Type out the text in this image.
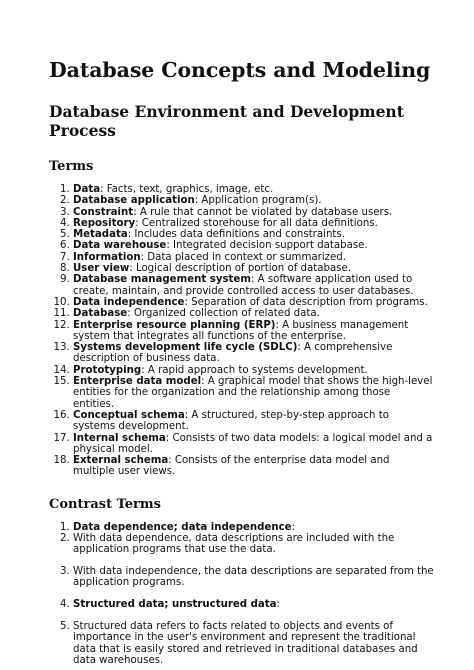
Database Concepts and Modeling
Database Environment and Development Process
Terms
1. Data: Facts, text, graphics, image, etc.
2. Database application: Application program(s).
3. Constraint: A rule that cannot be violated by database users.
4. Repository: Centralized storehouse for all data definitions.
5. Metadata: Includes data definitions and constraints.
6. Data warehouse: Integrated decision support database.
7. Information: Data placed in context or summarized.
8. User view: Logical description of portion of database.
9. Database management system: A software application used to create, maintain, and provide controlled access to user databases.
10. Data independence: Separation of data description from programs.
11. Database: Organized collection of related data.
12. Enterprise resource planning (ERP): A business management system that integrates all functions of the enterprise.
13. Systems development life cycle (SDLC): A comprehensive description of business data.
14. Prototyping: A rapid approach to systems development.
15. Enterprise data model: A graphical model that shows the high-level entities for the organization and the relationship among those entities.
16. Conceptual schema: A structured, step-by-step approach to systems development.
17. Internal schema: Consists of two data models: a logical model and a physical model.
18. External schema: Consists of the enterprise data model and multiple user views.
Contrast Terms
1. Data dependence; data independence:
2. With data dependence, data descriptions are included with the application programs that use the data.
3. With data independence, the data descriptions are separated from the application programs.
4. Structured data; unstructured data:
5. Structured data refers to facts related to objects and events of importance in the user's environment and represent the traditional data that is easily stored and retrieved in traditional databases and data warehouses.
